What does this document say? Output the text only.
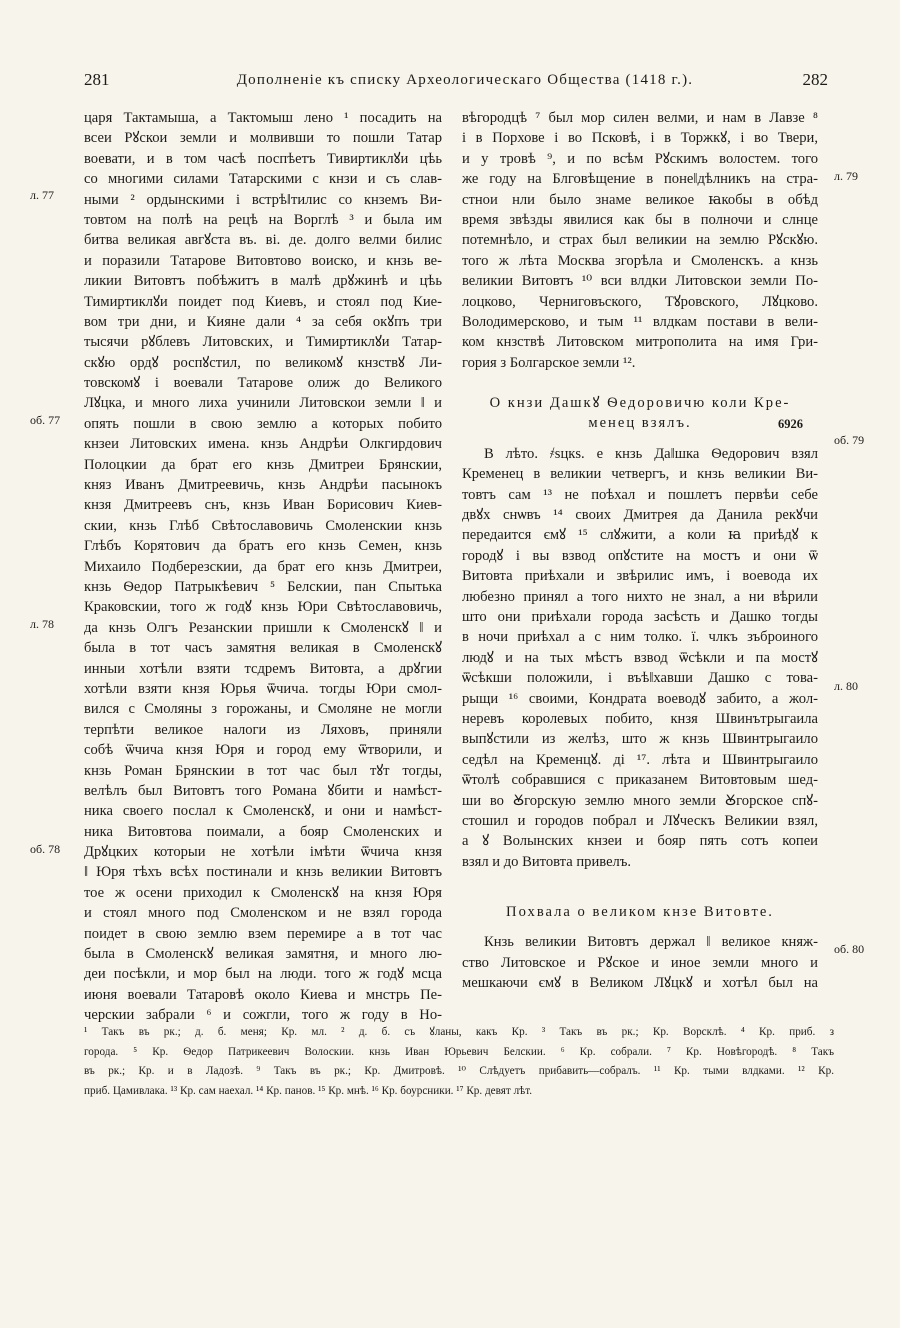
281	Дополненіе къ списку Археологическаго Общества (1418 г.).	282
царя Тактамыша, а Тактомыш лено ¹ посадить на
всеи Рꙋскои земли и молвивши то пошли Татар
воевати, и в том часѣ поспѣетъ Тивиртиклꙋи цѣь
со многими силами Татарскими с кнзи и съ слав-
ными ² ордынскими і встрѣ‖тилис со кнземъ Ви-
товтом на полѣ на рецѣ на Ворглѣ ³ и была им
битва великая авгꙋста въ. ві. де. долго велми билис
и поразили Татарове Витовтово воиско, и кнзь ве-
ликии Витовтъ побѣжитъ в малѣ дрꙋжинѣ и цѣь
Тимиртиклꙋи поидет под Киевъ, и стоял под Кие-
вом три дни, и Кияне дали ⁴ за себя окꙋпъ три
тысячи рꙋблевъ Литовских, и Тимиртиклꙋи Татар-
скꙋю ордꙋ роспꙋстил, по великомꙋ кнзствꙋ Ли-
товскомꙋ і воевали Татарове олиж до Великого
Лꙋцка, и много лиха учинили Литовскои земли ‖ и
опять пошли в свою землю а которых побито
кнзеи Литовских имена. кнзь Андрѣи Олкгирдович
Полоцкии да брат его кнзь Дмитреи Брянскии,
княз Иванъ Дмитреевичь, кнзь Андрѣи пасынокъ
кнзя Дмитреевъ снъ, кнзь Иван Борисович Киев-
скии, кнзь Глѣб Свѣтославовичь Смоленскии кнзь
Глѣбъ Корятович да братъ его кнзь Семен, кнзь
Михаило Подберезскии, да брат его кнзь Дмитреи,
кнзь Ѳедор Патрыкѣевич ⁵ Белскии, пан Спытька
Краковскии, того ж годꙋ кнзь Юри Свѣтославовичь,
да кнзь Олгъ Резанскии пришли к Смоленскꙋ ‖ и
была в тот часъ замятня великая в Смоленскꙋ
инныи хотѣли взяти тсдремъ Витовта, а дрꙋгии
хотѣли взяти кнзя Юрья ѿчича. тогды Юри смол-
вился с Смоляны з горожаны, и Смоляне не могли
терпѣти великое налоги из Ляховъ, приняли
собѣ ѿчича кнзя Юря и город ему ѿтворили, и
кнзь Роман Брянскии в тот час был тꙋт тогды,
велѣлъ был Витовтъ того Романа ꙋбити и намѣст-
ника своего послал к Смоленскꙋ, и они и намѣст-
ника Витовтова поимали, а бояр Смоленских и
Дрꙋцких которыи не хотѣли імѣти ѿчича кнзя
‖ Юря тѣхъ всѣх постинали и кнзь великии Витовтъ
тое ж осени приходил к Смоленскꙋ на кнзя Юря
и стоял много под Смоленском и не взял города
поидет в свою землю взем перемире а в тот час
была в Смоленскꙋ великая замятня, и много лю-
деи посѣкли, и мор был на люди. того ж годꙋ мсца
июня воевали Татаровѣ около Киева и мнстрь Пе-
черскии забрали ⁶ и сожгли, того ж году в Но-
вѣгородцѣ ⁷ был мор силен велми, и нам в Лавзе ⁸
і в Порхове і во Псковѣ, і в Торжкꙋ, і во Твери,
и у тровѣ ⁹, и по всѣм Рꙋскимъ волостем. того
же году на Блговѣщение в поне‖дѣлникъ на стра-
стнои нли было знаме великое ꙗкобы в обѣд
время звѣзды явилися как бы в полночи и слнце
потемнѣло, и страх был великии на землю Рꙋскꙋю.
того ж лѣта Москва згорѣла и Смоленскъ. а кнзь
великии Витовтъ ¹⁰ вси влдки Литовскои земли По-
лоцково, Черниговъского, Тꙋровского, Лꙋцково.
Володимерсково, и тым ¹¹ влдкам постави в вели-
ком кнзствѣ Литовском митрополита на имя Гри-
гория з Болгарское земли ¹².
О кнзи Дашкꙋ Ѳедоровичю коли Кре-
менец взялъ.
В лѣто. ҂ѕцкѕ. е кнзь Да‖шка Ѳедорович взял
Кременец в великии четвергъ, и кнзь великии Ви-
товтъ сам ¹³ не поѣхал и пошлетъ первѣи себе
двꙋх снѡвъ ¹⁴ своих Дмитрея да Данила рекꙋчи
передаится ємꙋ ¹⁵ слꙋжити, а коли ꙗ приѣдꙋ к
городꙋ і вы взвод опꙋстите на мостъ и они ѿ
Витовта приѣхали и звѣрилис имъ, і воевода их
любезно принял а того нихто не знал, а ни вѣрили
што они приѣхали города засѣсть и Дашко тогды
в ночи приѣхал а с ним толко. ї. члкъ зъброиного
людꙋ и на тых мѣстъ взвод ѿсѣкли и па мостꙋ
ѿсѣкши положили, і въѣ‖хавши Дашко с това-
рыщи ¹⁶ своими, Кондрата воеводꙋ забито, а жол-
неревъ королевых побито, кнзя Швинътрыгаила
выпꙋстили из желѣз, што ж кнзь Швинтрыгаило
седѣл на Кременцꙋ. ді ¹⁷. лѣта и Швинтрыгаило
ѿтолѣ собравшися с приказанем Витовтовым шед-
ши во Ꙋгорскую землю много земли Ꙋгорское спꙋ-
стошил и городов побрал и Лꙋческъ Великии взял,
а ꙋ Волынских кнзеи и бояр пять сотъ копеи
взял и до Витовта привелъ.
Похвала о великом кнзе Витовте.
Кнзь великии Витовтъ держал ‖ великое княж-
ство Литовское и Рꙋское и иное земли много и
мешкаючи ємꙋ в Великом Лꙋцкꙋ и хотѣл был на
л. 77
об. 77
л. 78
об. 78
л. 79
об. 79
л. 80
об. 80
6926
¹ Такъ въ рк.; д. б. меня; Кр. мл. ² д. б. съ ꙋланы, какъ Кр. ³ Такъ въ рк.; Кр. Ворсклѣ. ⁴ Кр. приб. з
города. ⁵ Кр. Ѳедор Патрикеевич Волоскии. кнзь Иван Юрьевич Белскии. ⁶ Кр. собрали. ⁷ Кр. Новѣгородѣ. ⁸ Такъ
въ рк.; Кр. и в Ладозѣ. ⁹ Такъ въ рк.; Кр. Дмитровѣ. ¹⁰ Слѣдуетъ прибавить—собралъ. ¹¹ Кр. тыми влдками. ¹² Кр.
приб. Цамивлака. ¹³ Кр. сам наехал. ¹⁴ Кр. панов. ¹⁵ Кр. мнѣ. ¹⁶ Кр. боурсники. ¹⁷ Кр. девят лѣт.
